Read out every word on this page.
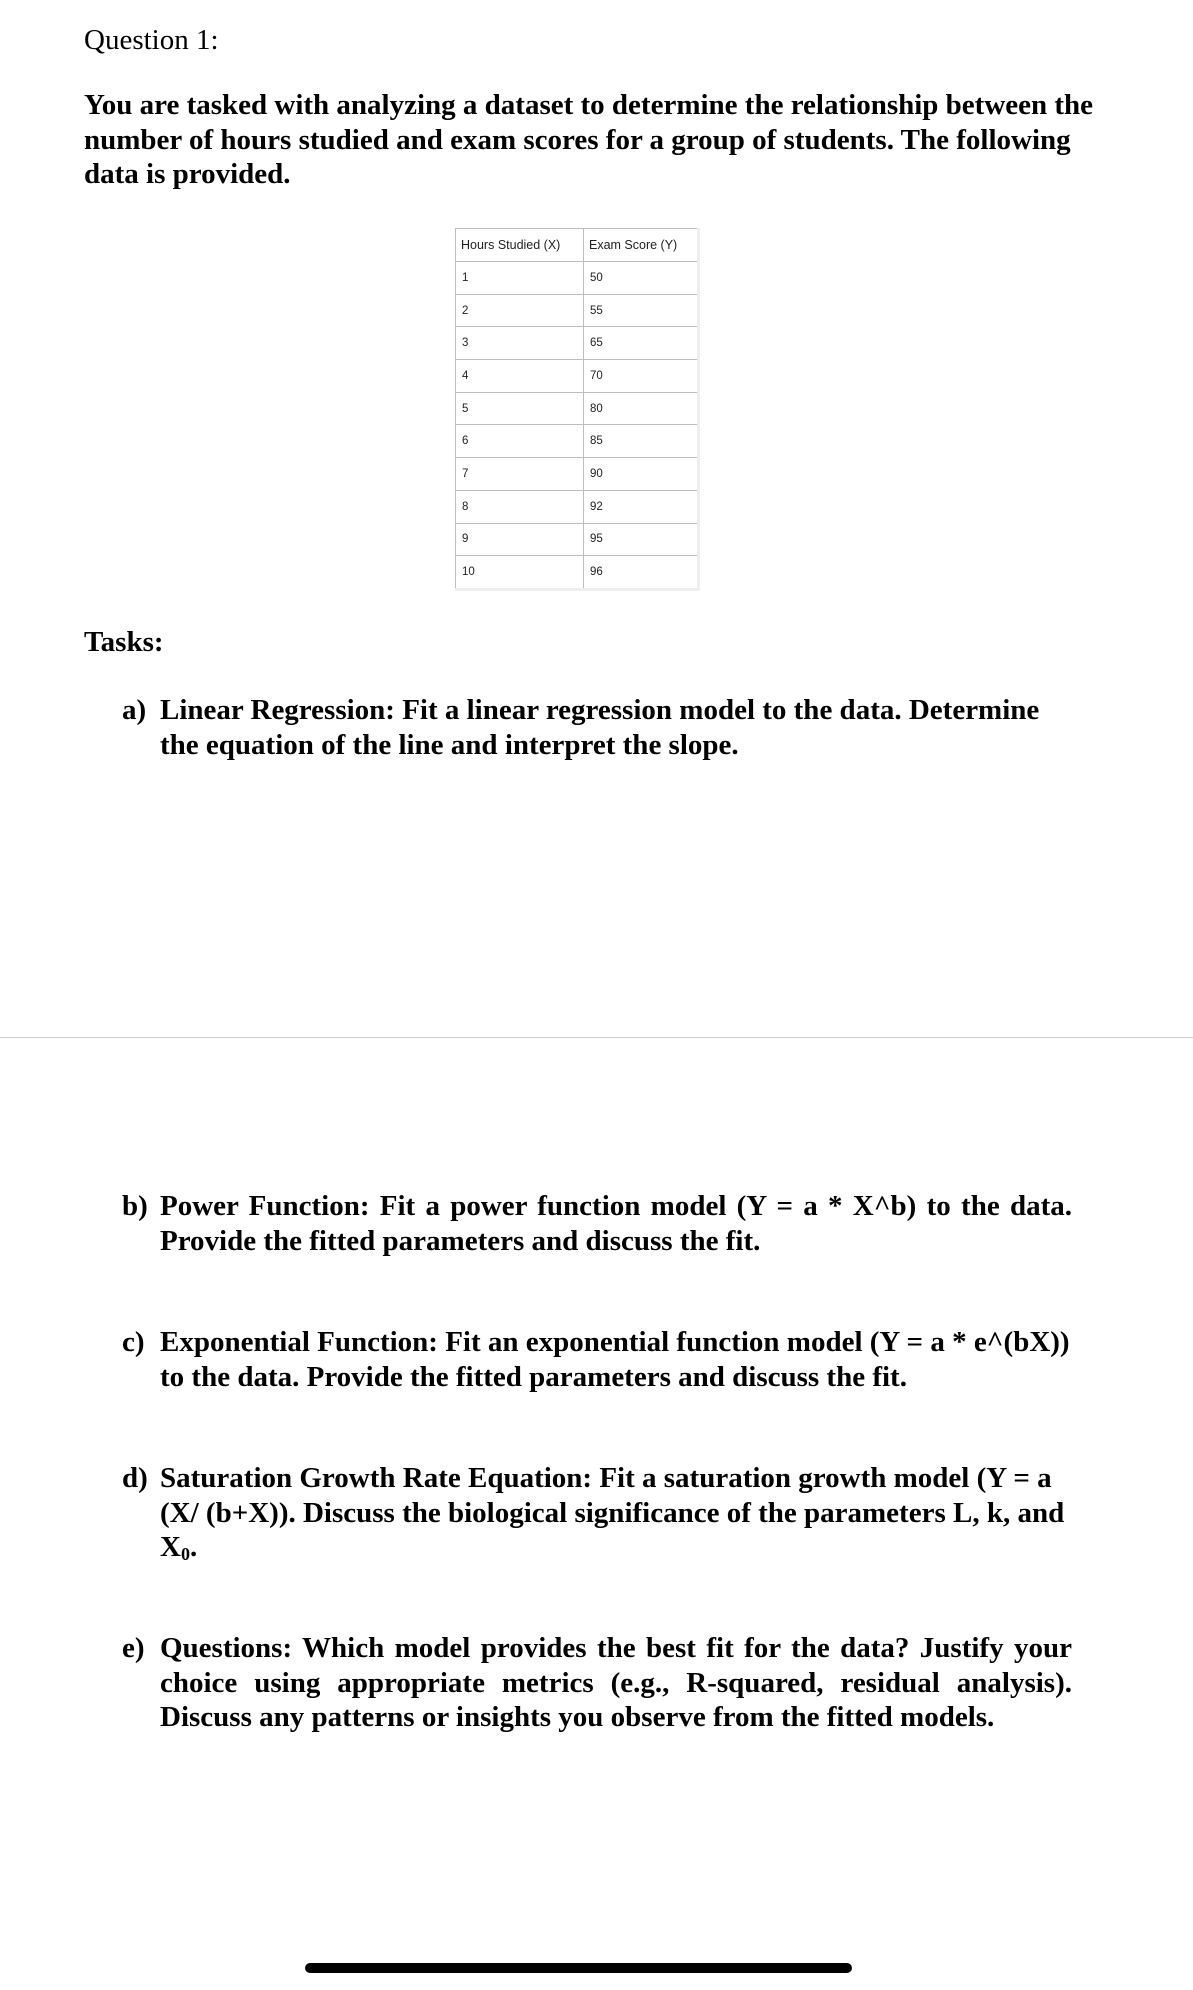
Question 1:
You are tasked with analyzing a dataset to determine the relationship between the number of hours studied and exam scores for a group of students. The following data is provided.
Hours Studied (X)	Exam Score (Y)
1	50
2	55
3	65
4	70
5	80
6	85
7	90
8	92
9	95
10	96
Tasks:
a) Linear Regression: Fit a linear regression model to the data. Determine the equation of the line and interpret the slope.
b) Power Function: Fit a power function model (Y = a * X^b) to the data. Provide the fitted parameters and discuss the fit.
c) Exponential Function: Fit an exponential function model (Y = a * e^(bX)) to the data. Provide the fitted parameters and discuss the fit.
d) Saturation Growth Rate Equation: Fit a saturation growth model (Y = a (X/ (b+X)). Discuss the biological significance of the parameters L, k, and $X_0$.
e) Questions: Which model provides the best fit for the data? Justify your choice using appropriate metrics (e.g., R-squared, residual analysis). Discuss any patterns or insights you observe from the fitted models.
